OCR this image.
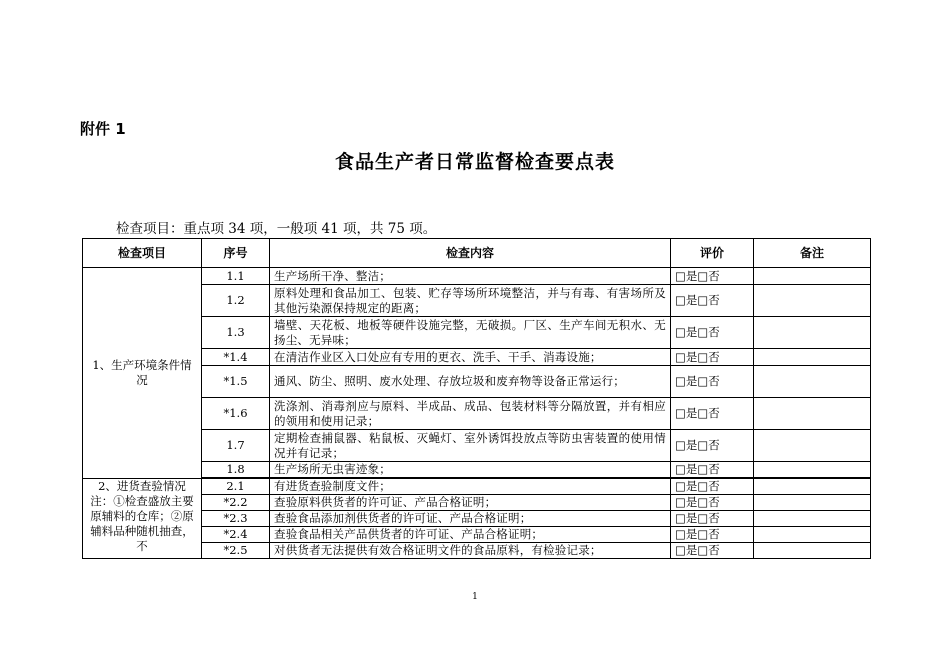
附件 1
食品生产者日常监督检查要点表
检查项目：重点项 34 项，一般项 41 项，共 75 项。
检查项目	序号	检查内容	评价	备注
1、生产环境条件情况	1.1	生产场所干净、整洁；	□是□否	
	1.2	原料处理和食品加工、包装、贮存等场所环境整洁，并与有毒、有害场所及其他污染源保持规定的距离；	□是□否	
	1.3	墙壁、天花板、地板等硬件设施完整，无破损。厂区、生产车间无积水、无扬尘、无异味；	□是□否	
	*1.4	在清洁作业区入口处应有专用的更衣、洗手、干手、消毒设施；	□是□否	
	*1.5	通风、防尘、照明、废水处理、存放垃圾和废弃物等设备正常运行；	□是□否	
	*1.6	洗涤剂、消毒剂应与原料、半成品、成品、包装材料等分隔放置，并有相应的领用和使用记录；	□是□否	
	1.7	定期检查捕鼠器、粘鼠板、灭蝇灯、室外诱饵投放点等防虫害装置的使用情况并有记录；	□是□否	
	1.8	生产场所无虫害迹象；	□是□否	

2、进货查验情况注：①检查盛放主要原辅料的仓库；②原辅料品种随机抽查，不	2.1	有进货查验制度文件；	□是□否	
	*2.2	查验原料供货者的许可证、产品合格证明；	□是□否	
	*2.3	查验食品添加剂供货者的许可证、产品合格证明；	□是□否	
	*2.4	查验食品相关产品供货者的许可证、产品合格证明；	□是□否	
	*2.5	对供货者无法提供有效合格证明文件的食品原料，有检验记录；	□是□否	
1
